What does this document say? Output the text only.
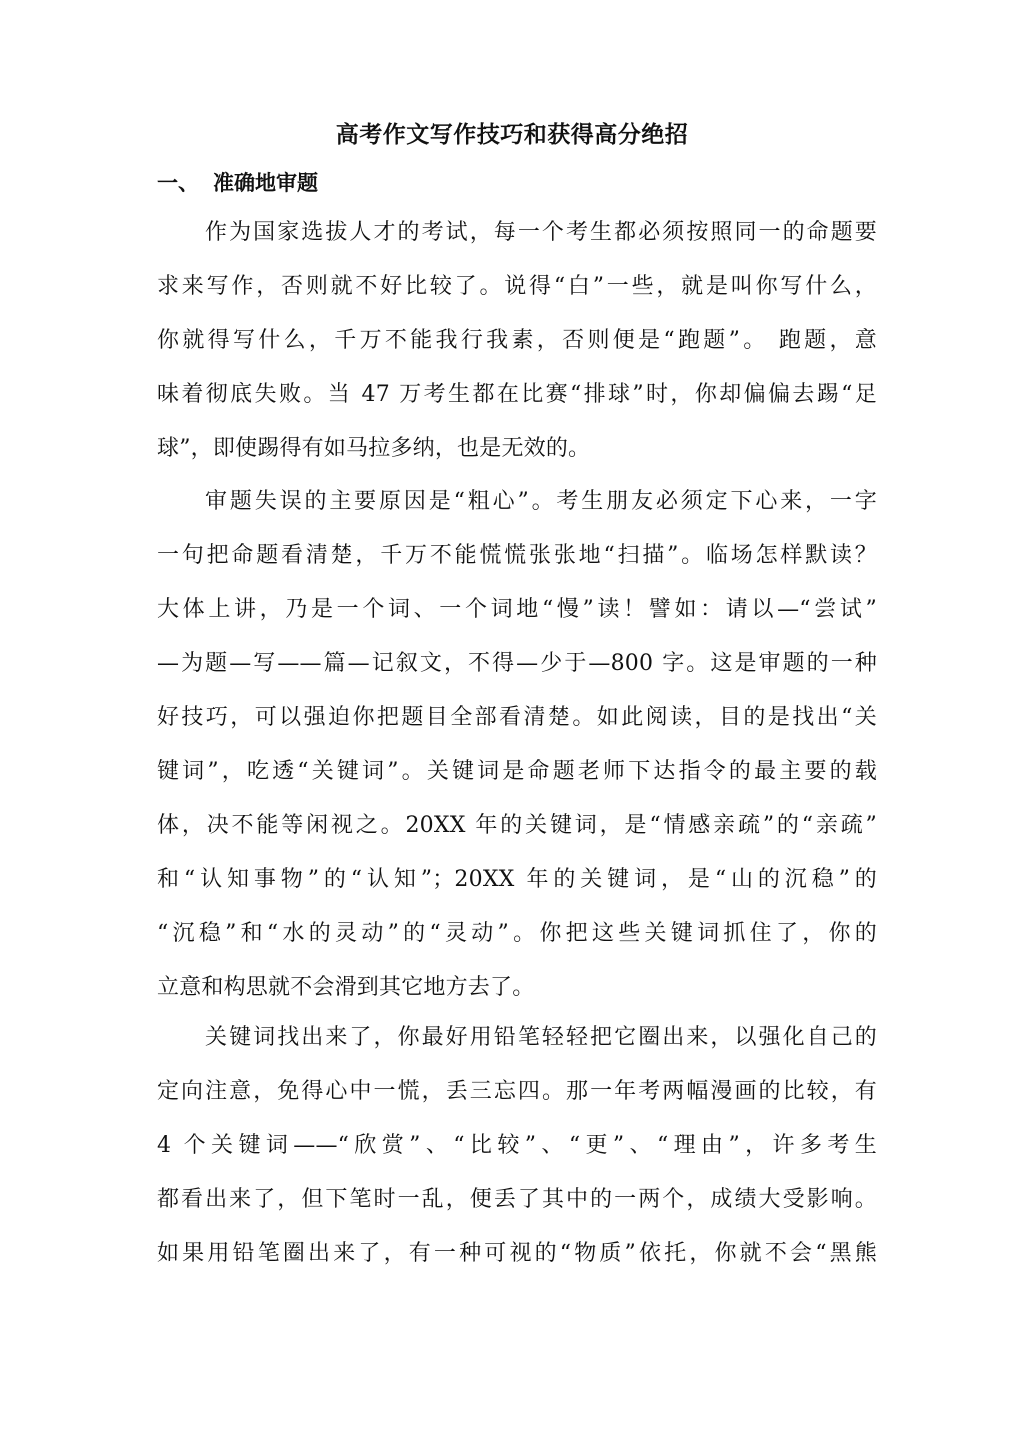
高考作文写作技巧和获得高分绝招
一、 准确地审题
作为国家选拔人才的考试，每一个考生都必须按照同一的命题要
求来写作，否则就不好比较了。说得“白”一些，就是叫你写什么，
你就得写什么，千万不能我行我素，否则便是“跑题”。 跑题，意
味着彻底失败。当 47 万考生都在比赛“排球”时，你却偏偏去踢“足
球”，即使踢得有如马拉多纳，也是无效的。
审题失误的主要原因是“粗心”。考生朋友必须定下心来，一字
一句把命题看清楚，千万不能慌慌张张地“扫描”。临场怎样默读？
大体上讲，乃是一个词、一个词地“慢”读！譬如：请以—“尝试”
—为题—写——篇—记叙文，不得—少于—800 字。这是审题的一种
好技巧，可以强迫你把题目全部看清楚。如此阅读，目的是找出“关
键词”，吃透“关键词”。关键词是命题老师下达指令的最主要的载
体，决不能等闲视之。20XX 年的关键词，是“情感亲疏”的“亲疏”
和“认知事物”的“认知”；20XX 年的关键词，是“山的沉稳”的
“沉稳”和“水的灵动”的“灵动”。你把这些关键词抓住了，你的
立意和构思就不会滑到其它地方去了。
关键词找出来了，你最好用铅笔轻轻把它圈出来，以强化自己的
定向注意，免得心中一慌，丢三忘四。那一年考两幅漫画的比较，有
4 个关键词——“欣赏”、“比较”、“更”、“理由”，许多考生
都看出来了，但下笔时一乱，便丢了其中的一两个，成绩大受影响。
如果用铅笔圈出来了，有一种可视的“物质”依托，你就不会“黑熊
